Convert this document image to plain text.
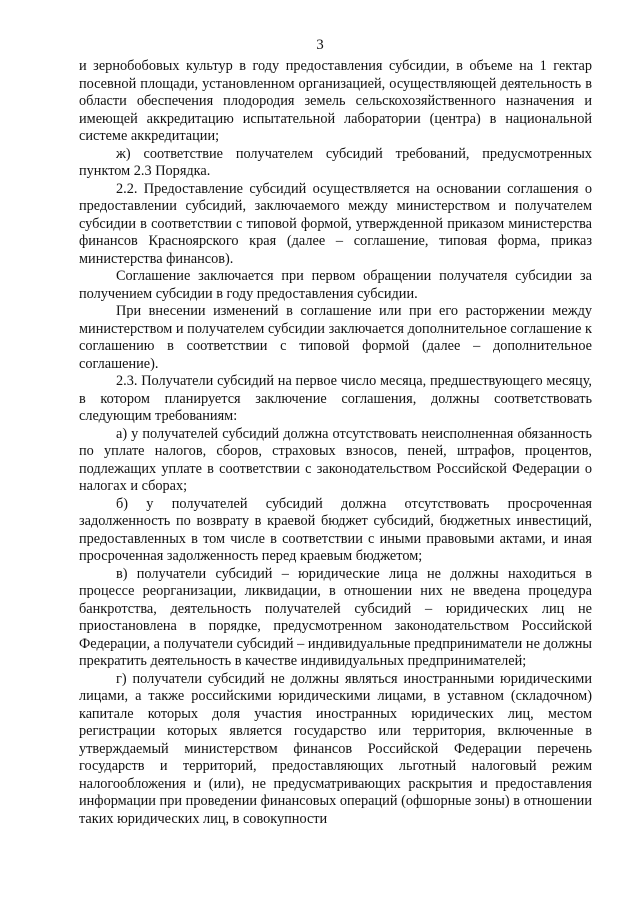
3

и зернобобовых культур в году предоставления субсидии, в объеме на 1 гектар посевной площади, установленном организацией, осуществляющей деятельность в области обеспечения плодородия земель сельскохозяйственного назначения и имеющей аккредитацию испытательной лаборатории (центра) в национальной системе аккредитации;

ж) соответствие получателем субсидий требований, предусмотренных пунктом 2.3 Порядка.

2.2. Предоставление субсидий осуществляется на основании соглашения о предоставлении субсидий, заключаемого между министерством и получателем субсидии в соответствии с типовой формой, утвержденной приказом министерства финансов Красноярского края (далее – соглашение, типовая форма, приказ министерства финансов).

Соглашение заключается при первом обращении получателя субсидии за получением субсидии в году предоставления субсидии.

При внесении изменений в соглашение или при его расторжении между министерством и получателем субсидии заключается дополнительное соглашение к соглашению в соответствии с типовой формой (далее – дополнительное соглашение).

2.3. Получатели субсидий на первое число месяца, предшествующего месяцу, в котором планируется заключение соглашения, должны соответствовать следующим требованиям:

а) у получателей субсидий должна отсутствовать неисполненная обязанность по уплате налогов, сборов, страховых взносов, пеней, штрафов, процентов, подлежащих уплате в соответствии с законодательством Российской Федерации о налогах и сборах;

б) у получателей субсидий должна отсутствовать просроченная задолженность по возврату в краевой бюджет субсидий, бюджетных инвестиций, предоставленных в том числе в соответствии с иными правовыми актами, и иная просроченная задолженность перед краевым бюджетом;

в) получатели субсидий – юридические лица не должны находиться в процессе реорганизации, ликвидации, в отношении них не введена процедура банкротства, деятельность получателей субсидий – юридических лиц не приостановлена в порядке, предусмотренном законодательством Российской Федерации, а получатели субсидий – индивидуальные предприниматели не должны прекратить деятельность в качестве индивидуальных предпринимателей;

г) получатели субсидий не должны являться иностранными юридическими лицами, а также российскими юридическими лицами, в уставном (складочном) капитале которых доля участия иностранных юридических лиц, местом регистрации которых является государство или территория, включенные в утверждаемый министерством финансов Российской Федерации перечень государств и территорий, предоставляющих льготный налоговый режим налогообложения и (или), не предусматривающих раскрытия и предоставления информации при проведении финансовых операций (офшорные зоны) в отношении таких юридических лиц, в совокупности
